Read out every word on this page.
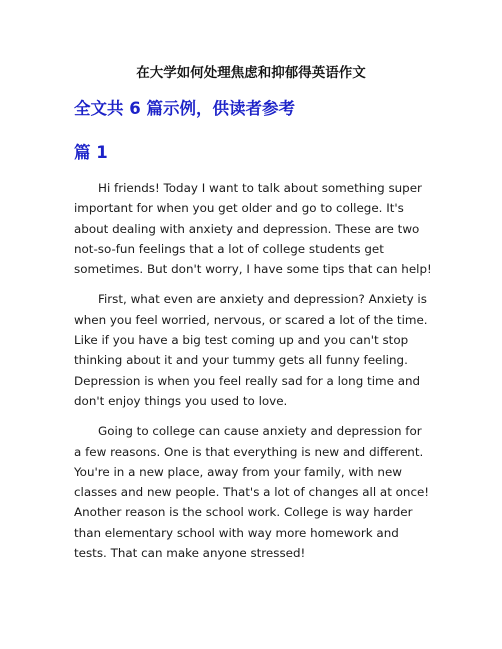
在大学如何处理焦虑和抑郁得英语作文
全文共 6 篇示例，供读者参考
篇 1

Hi friends! Today I want to talk about something super important for when you get older and go to college. It's about dealing with anxiety and depression. These are two not-so-fun feelings that a lot of college students get sometimes. But don't worry, I have some tips that can help!

First, what even are anxiety and depression? Anxiety is when you feel worried, nervous, or scared a lot of the time. Like if you have a big test coming up and you can't stop thinking about it and your tummy gets all funny feeling. Depression is when you feel really sad for a long time and don't enjoy things you used to love.

Going to college can cause anxiety and depression for a few reasons. One is that everything is new and different. You're in a new place, away from your family, with new classes and new people. That's a lot of changes all at once! Another reason is the school work. College is way harder than elementary school with way more homework and tests. That can make anyone stressed!
